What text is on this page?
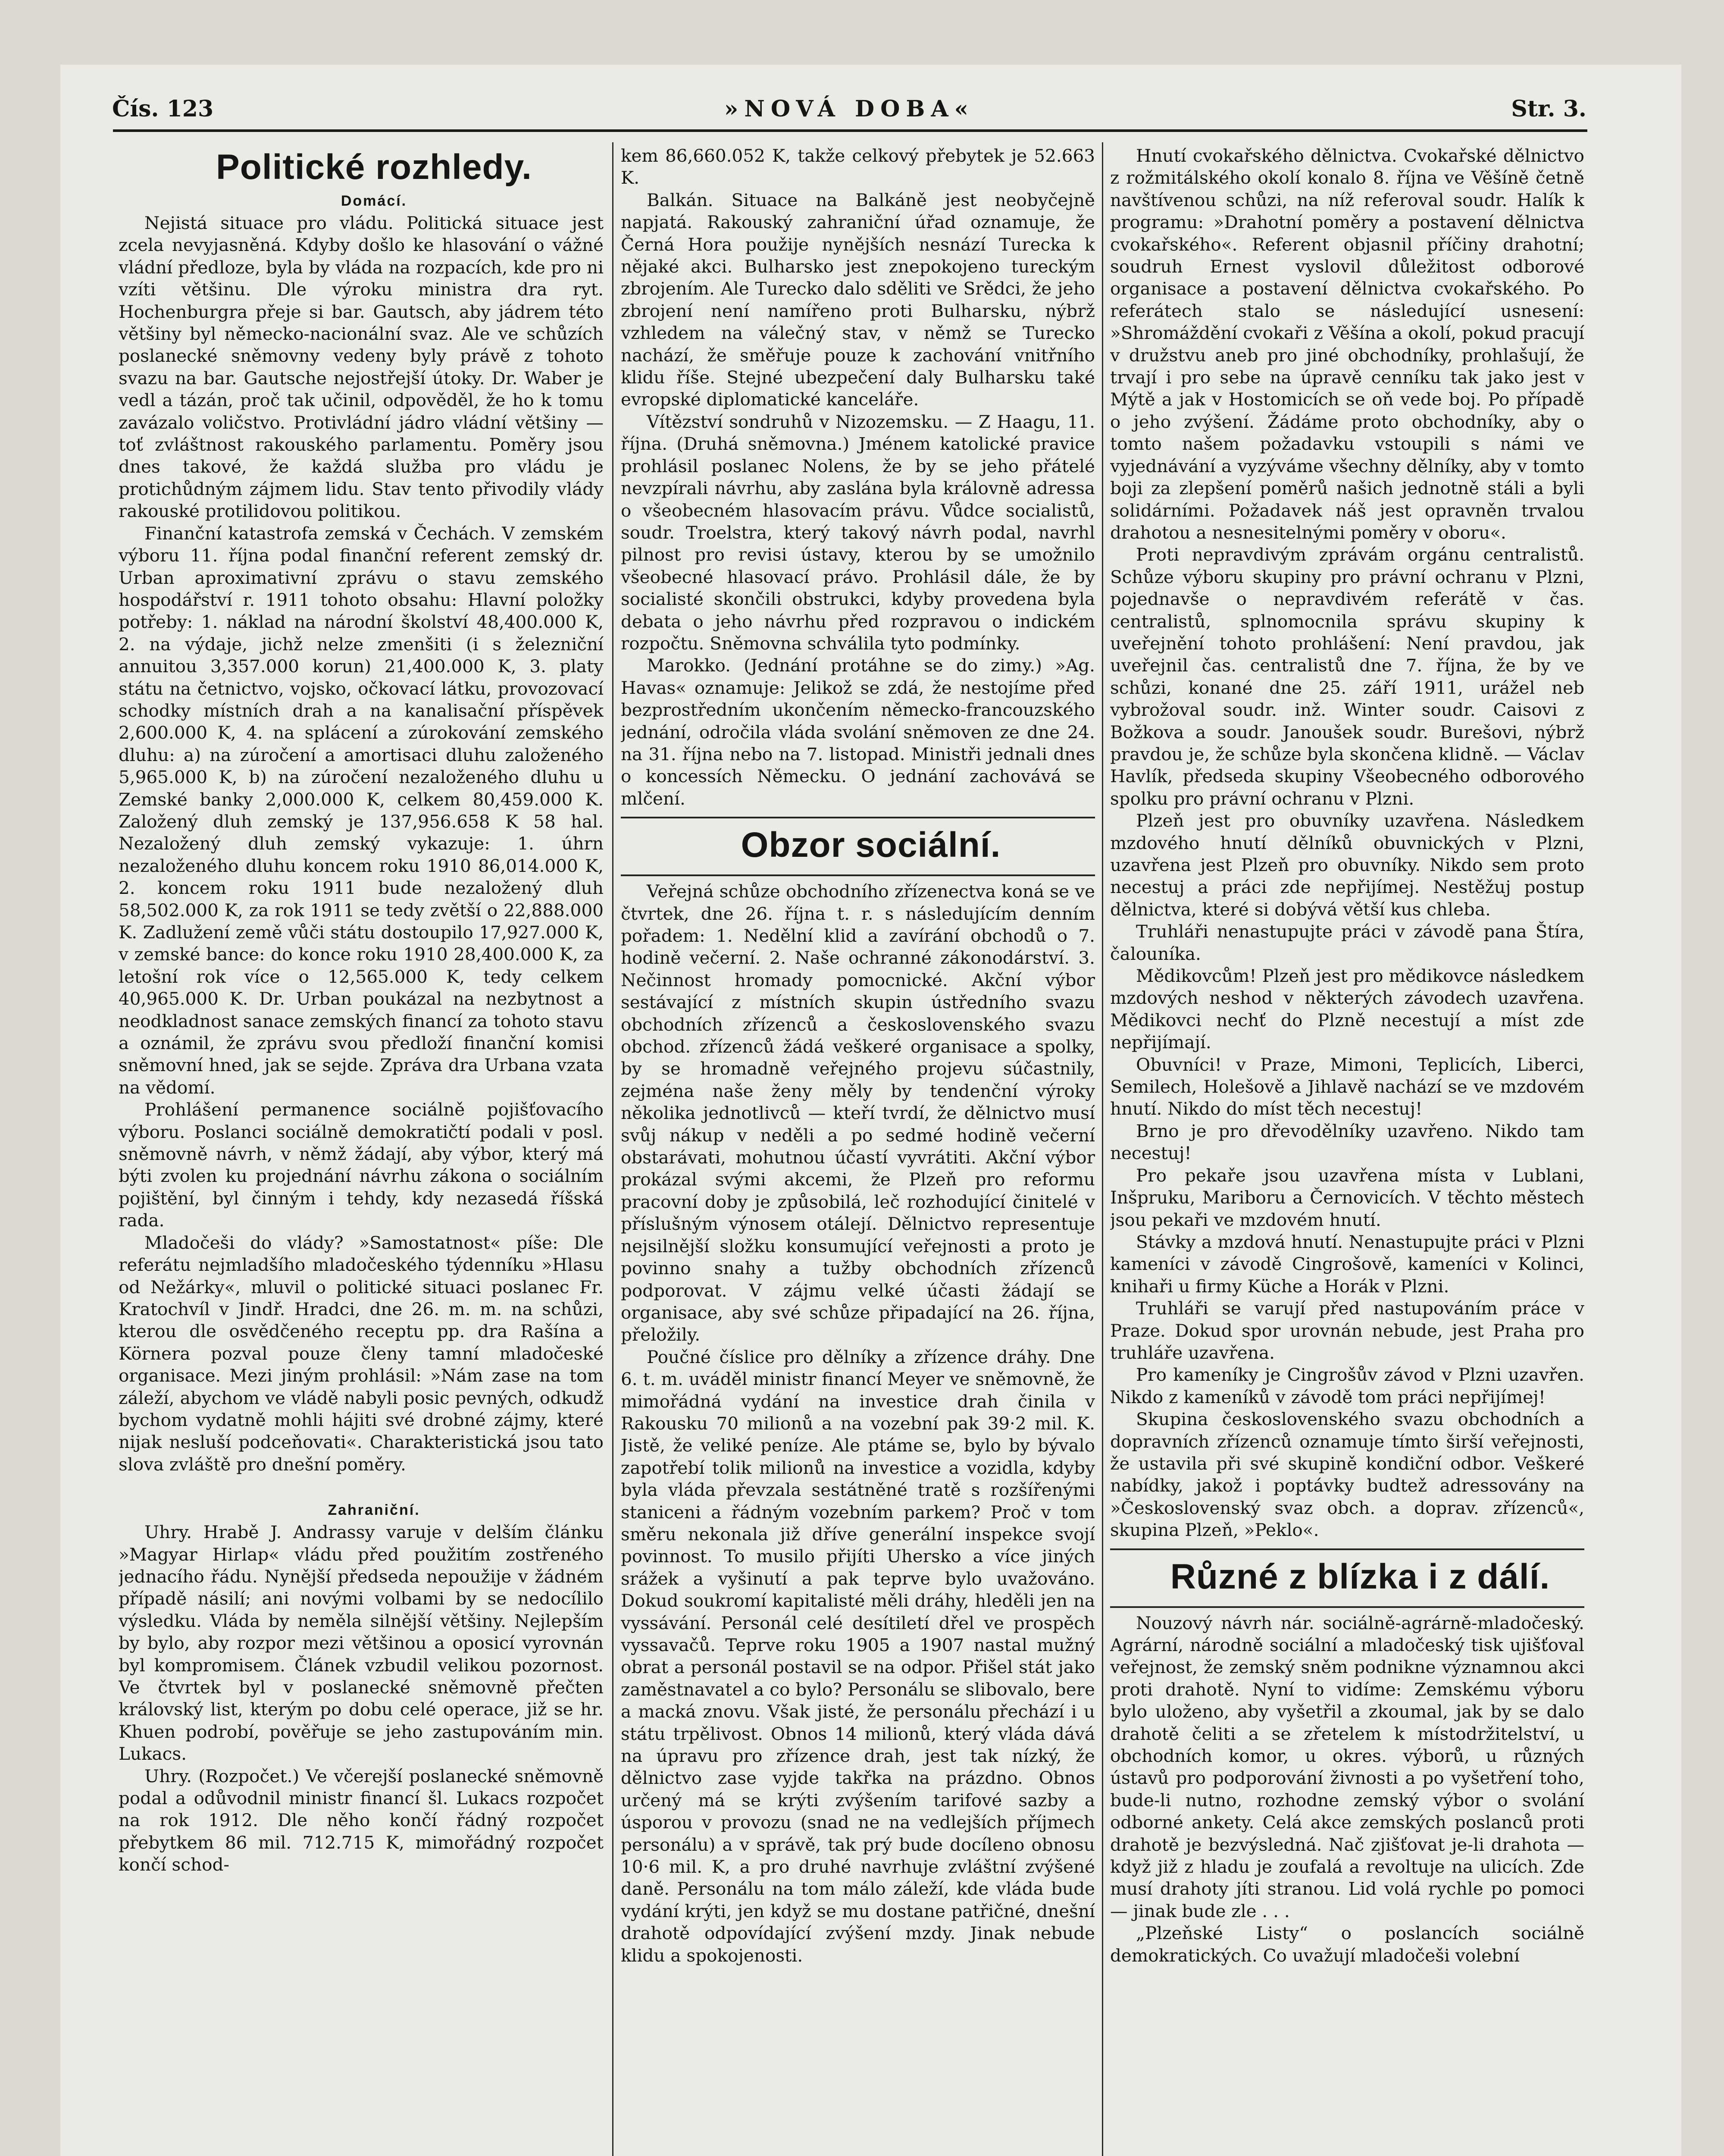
Čís. 123	»NOVÁ DOBA«	Str. 3.

Politické rozhledy.

Domácí.

Nejistá situace pro vládu. Politická situace jest zcela nevyjasněná. Kdyby došlo ke hlasování o vážné vládní předloze, byla by vláda na rozpacích, kde pro ni vzíti většinu. Dle výroku ministra dra ryt. Hochenburgra přeje si bar. Gautsch, aby jádrem této většiny byl německo-nacionální svaz. Ale ve schůzích poslanecké sněmovny vedeny byly právě z tohoto svazu na bar. Gautsche nejostřejší útoky. Dr. Waber je vedl a tázán, proč tak učinil, odpověděl, že ho k tomu zavázalo voličstvo. Protivládní jádro vládní většiny — toť zvláštnost rakouského parlamentu. Poměry jsou dnes takové, že každá služba pro vládu je protichůdným zájmem lidu. Stav tento přivodily vlády rakouské protilidovou politikou.

Finanční katastrofa zemská v Čechách. V zemském výboru 11. října podal finanční referent zemský dr. Urban aproximativní zprávu o stavu zemského hospodářství r. 1911 tohoto obsahu: Hlavní položky potřeby: 1. náklad na národní školství 48,400.000 K, 2. na výdaje, jichž nelze zmenšiti (i s železniční annuitou 3,357.000 korun) 21,400.000 K, 3. platy státu na četnictvo, vojsko, očkovací látku, provozovací schodky místních drah a na kanalisační příspěvek 2,600.000 K, 4. na splácení a zúrokování zemského dluhu: a) na zúročení a amortisaci dluhu založeného 5,965.000 K, b) na zúročení nezaloženého dluhu u Zemské banky 2,000.000 K, celkem 80,459.000 K. Založený dluh zemský je 137,956.658 K 58 hal. Nezaložený dluh zemský vykazuje: 1. úhrn nezaloženého dluhu koncem roku 1910 86,014.000 K, 2. koncem roku 1911 bude nezaložený dluh 58,502.000 K, za rok 1911 se tedy zvětší o 22,888.000 K. Zadlužení země vůči státu dostoupilo 17,927.000 K, v zemské bance: do konce roku 1910 28,400.000 K, za letošní rok více o 12,565.000 K, tedy celkem 40,965.000 K. Dr. Urban poukázal na nezbytnost a neodkladnost sanace zemských financí za tohoto stavu a oznámil, že zprávu svou předloží finanční komisi sněmovní hned, jak se sejde. Zpráva dra Urbana vzata na vědomí.

Prohlášení permanence sociálně pojišťovacího výboru. Poslanci sociálně demokratičtí podali v posl. sněmovně návrh, v němž žádají, aby výbor, který má býti zvolen ku projednání návrhu zákona o sociálním pojištění, byl činným i tehdy, kdy nezasedá říšská rada.

Mladočeši do vlády? »Samostatnost« píše: Dle referátu nejmladšího mladočeského týdenníku »Hlasu od Nežárky«, mluvil o politické situaci poslanec Fr. Kratochvíl v Jindř. Hradci, dne 26. m. m. na schůzi, kterou dle osvědčeného receptu pp. dra Rašína a Körnera pozval pouze členy tamní mladočeské organisace. Mezi jiným prohlásil: »Nám zase na tom záleží, abychom ve vládě nabyli posic pevných, odkudž bychom vydatně mohli hájiti své drobné zájmy, které nijak nesluší podceňovati«. Charakteristická jsou tato slova zvláště pro dnešní poměry.

Zahraniční.

Uhry. Hrabě J. Andrassy varuje v delším článku »Magyar Hirlap« vládu před použitím zostřeného jednacího řádu. Nynější předseda nepoužije v žádném případě násilí; ani novými volbami by se nedocílilo výsledku. Vláda by neměla silnější většiny. Nejlepším by bylo, aby rozpor mezi většinou a oposicí vyrovnán byl kompromisem. Článek vzbudil velikou pozornost. Ve čtvrtek byl v poslanecké sněmovně přečten královský list, kterým po dobu celé operace, již se hr. Khuen podrobí, pověřuje se jeho zastupováním min. Lukacs.

Uhry. (Rozpočet.) Ve včerejší poslanecké sněmovně podal a odůvodnil ministr financí šl. Lukacs rozpočet na rok 1912. Dle něho končí řádný rozpočet přebytkem 86 mil. 712.715 K, mimořádný rozpočet končí schod-

kem 86,660.052 K, takže celkový přebytek je 52.663 K.

Balkán. Situace na Balkáně jest neobyčejně napjatá. Rakouský zahraniční úřad oznamuje, že Černá Hora použije nynějších nesnází Turecka k nějaké akci. Bulharsko jest znepokojeno tureckým zbrojením. Ale Turecko dalo sděliti ve Srědci, že jeho zbrojení není namířeno proti Bulharsku, nýbrž vzhledem na válečný stav, v němž se Turecko nachází, že směřuje pouze k zachování vnitřního klidu říše. Stejné ubezpečení daly Bulharsku také evropské diplomatické kanceláře.

Vítězství sondruhů v Nizozemsku. — Z Haagu, 11. října. (Druhá sněmovna.) Jménem katolické pravice prohlásil poslanec Nolens, že by se jeho přátelé nevzpírali návrhu, aby zaslána byla královně adressa o všeobecném hlasovacím právu. Vůdce socialistů, soudr. Troelstra, který takový návrh podal, navrhl pilnost pro revisi ústavy, kterou by se umožnilo všeobecné hlasovací právo. Prohlásil dále, že by socialisté skončili obstrukci, kdyby provedena byla debata o jeho návrhu před rozpravou o indickém rozpočtu. Sněmovna schválila tyto podmínky.

Marokko. (Jednání protáhne se do zimy.) »Ag. Havas« oznamuje: Jelikož se zdá, že nestojíme před bezprostředním ukončením německo-francouzského jednání, odročila vláda svolání sněmoven ze dne 24. na 31. října nebo na 7. listopad. Ministři jednali dnes o koncessích Německu. O jednání zachovává se mlčení.

Obzor sociální.

Veřejná schůze obchodního zřízenectva koná se ve čtvrtek, dne 26. října t. r. s následujícím denním pořadem: 1. Nedělní klid a zavírání obchodů o 7. hodině večerní. 2. Naše ochranné zákonodárství. 3. Nečinnost hromady pomocnické. Akční výbor sestávající z místních skupin ústředního svazu obchodních zřízenců a československého svazu obchod. zřízenců žádá veškeré organisace a spolky, by se hromadně veřejného projevu súčastnily, zejména naše ženy měly by tendenční výroky několika jednotlivců — kteří tvrdí, že dělnictvo musí svůj nákup v neděli a po sedmé hodině večerní obstarávati, mohutnou účastí vyvrátiti. Akční výbor prokázal svými akcemi, že Plzeň pro reformu pracovní doby je způsobilá, leč rozhodující činitelé v příslušným výnosem otálejí. Dělnictvo representuje nejsilnější složku konsumující veřejnosti a proto je povinno snahy a tužby obchodních zřízenců podporovat. V zájmu velké účasti žádají se organisace, aby své schůze připadající na 26. října, přeložily.

Poučné číslice pro dělníky a zřízence dráhy. Dne 6. t. m. uváděl ministr financí Meyer ve sněmovně, že mimořádná vydání na investice drah činila v Rakousku 70 milionů a na vozební pak 39·2 mil. K. Jistě, že veliké peníze. Ale ptáme se, bylo by bývalo zapotřebí tolik milionů na investice a vozidla, kdyby byla vláda převzala sestátněné tratě s rozšířenými staniceni a řádným vozebním parkem? Proč v tom směru nekonala již dříve generální inspekce svojí povinnost. To musilo přijíti Uhersko a více jiných srážek a vyšinutí a pak teprve bylo uvažováno. Dokud soukromí kapitalisté měli dráhy, hleděli jen na vyssávání. Personál celé desítiletí dřel ve prospěch vyssavačů. Teprve roku 1905 a 1907 nastal mužný obrat a personál postavil se na odpor. Přišel stát jako zaměstnavatel a co bylo? Personálu se slibovalo, bere a macká znovu. Však jisté, že personálu přechází i u státu trpělivost. Obnos 14 milionů, který vláda dává na úpravu pro zřízence drah, jest tak nízký, že dělnictvo zase vyjde takřka na prázdno. Obnos určený má se krýti zvýšením tarifové sazby a úsporou v provozu (snad ne na vedlejších příjmech personálu) a v správě, tak prý bude docíleno obnosu 10·6 mil. K, a pro druhé navrhuje zvláštní zvýšené daně. Personálu na tom málo záleží, kde vláda bude vydání krýti, jen když se mu dostane patřičné, dnešní drahotě odpovídající zvýšení mzdy. Jinak nebude klidu a spokojenosti.

Hnutí cvokařského dělnictva. Cvokařské dělnictvo z rožmitálského okolí konalo 8. října ve Věšíně četně navštívenou schůzi, na níž referoval soudr. Halík k programu: »Drahotní poměry a postavení dělnictva cvokařského«. Referent objasnil příčiny drahotní; soudruh Ernest vyslovil důležitost odborové organisace a postavení dělnictva cvokařského. Po referátech stalo se následující usnesení: »Shromáždění cvokaři z Věšína a okolí, pokud pracují v družstvu aneb pro jiné obchodníky, prohlašují, že trvají i pro sebe na úpravě cenníku tak jako jest v Mýtě a jak v Hostomicích se oň vede boj. Po případě o jeho zvýšení. Žádáme proto obchodníky, aby o tomto našem požadavku vstoupili s námi ve vyjednávání a vyzýváme všechny dělníky, aby v tomto boji za zlepšení poměrů našich jednotně stáli a byli solidárními. Požadavek náš jest opravněn trvalou drahotou a nesnesitelnými poměry v oboru«.

Proti nepravdivým zprávám orgánu centralistů. Schůze výboru skupiny pro právní ochranu v Plzni, pojednavše o nepravdivém referátě v čas. centralistů, splnomocnila správu skupiny k uveřejnění tohoto prohlášení: Není pravdou, jak uveřejnil čas. centralistů dne 7. října, že by ve schůzi, konané dne 25. září 1911, urážel neb vybrožoval soudr. inž. Winter soudr. Caisovi z Božkova a soudr. Janoušek soudr. Burešovi, nýbrž pravdou je, že schůze byla skončena klidně. — Václav Havlík, předseda skupiny Všeobecného odborového spolku pro právní ochranu v Plzni.

Plzeň jest pro obuvníky uzavřena. Následkem mzdového hnutí dělníků obuvnických v Plzni, uzavřena jest Plzeň pro obuvníky. Nikdo sem proto necestuj a práci zde nepřijímej. Nestěžuj postup dělnictva, které si dobývá větší kus chleba.

Truhláři nenastupujte práci v závodě pana Štíra, čalouníka.

Mědikovcům! Plzeň jest pro mědikovce následkem mzdových neshod v některých závodech uzavřena. Mědikovci nechť do Plzně necestují a míst zde nepřijímají.

Obuvníci! v Praze, Mimoni, Teplicích, Liberci, Semilech, Holešově a Jihlavě nachází se ve mzdovém hnutí. Nikdo do míst těch necestuj!

Brno je pro dřevodělníky uzavřeno. Nikdo tam necestuj!

Pro pekaře jsou uzavřena místa v Lublani, Inšpruku, Mariboru a Černovicích. V těchto městech jsou pekaři ve mzdovém hnutí.

Stávky a mzdová hnutí. Nenastupujte práci v Plzni kameníci v závodě Cingrošově, kameníci v Kolinci, knihaři u firmy Küche a Horák v Plzni.

Truhláři se varují před nastupováním práce v Praze. Dokud spor urovnán nebude, jest Praha pro truhláře uzavřena.

Pro kameníky je Cingrošův závod v Plzni uzavřen. Nikdo z kameníků v závodě tom práci nepřijímej!

Skupina československého svazu obchodních a dopravních zřízenců oznamuje tímto širší veřejnosti, že ustavila při své skupině kondiční odbor. Veškeré nabídky, jakož i poptávky budtež adressovány na »Československý svaz obch. a doprav. zřízenců«, skupina Plzeň, »Peklo«.

Různé z blízka i z dálí.

Nouzový návrh nár. sociálně-agrárně-mladočeský. Agrární, národně sociální a mladočeský tisk ujišťoval veřejnost, že zemský sněm podnikne významnou akci proti drahotě. Nyní to vidíme: Zemskému výboru bylo uloženo, aby vyšetřil a zkoumal, jak by se dalo drahotě čeliti a se zřetelem k místodržitelství, u obchodních komor, u okres. výborů, u různých ústavů pro podporování živnosti a po vyšetření toho, bude-li nutno, rozhodne zemský výbor o svolání odborné ankety. Celá akce zemských poslanců proti drahotě je bezvýsledná. Nač zjišťovat je-li drahota — když již z hladu je zoufalá a revoltuje na ulicích. Zde musí drahoty jíti stranou. Lid volá rychle po pomoci — jinak bude zle . . .

„Plzeňské Listy“ o poslancích sociálně demokratických. Co uvažují mladočeši volební
